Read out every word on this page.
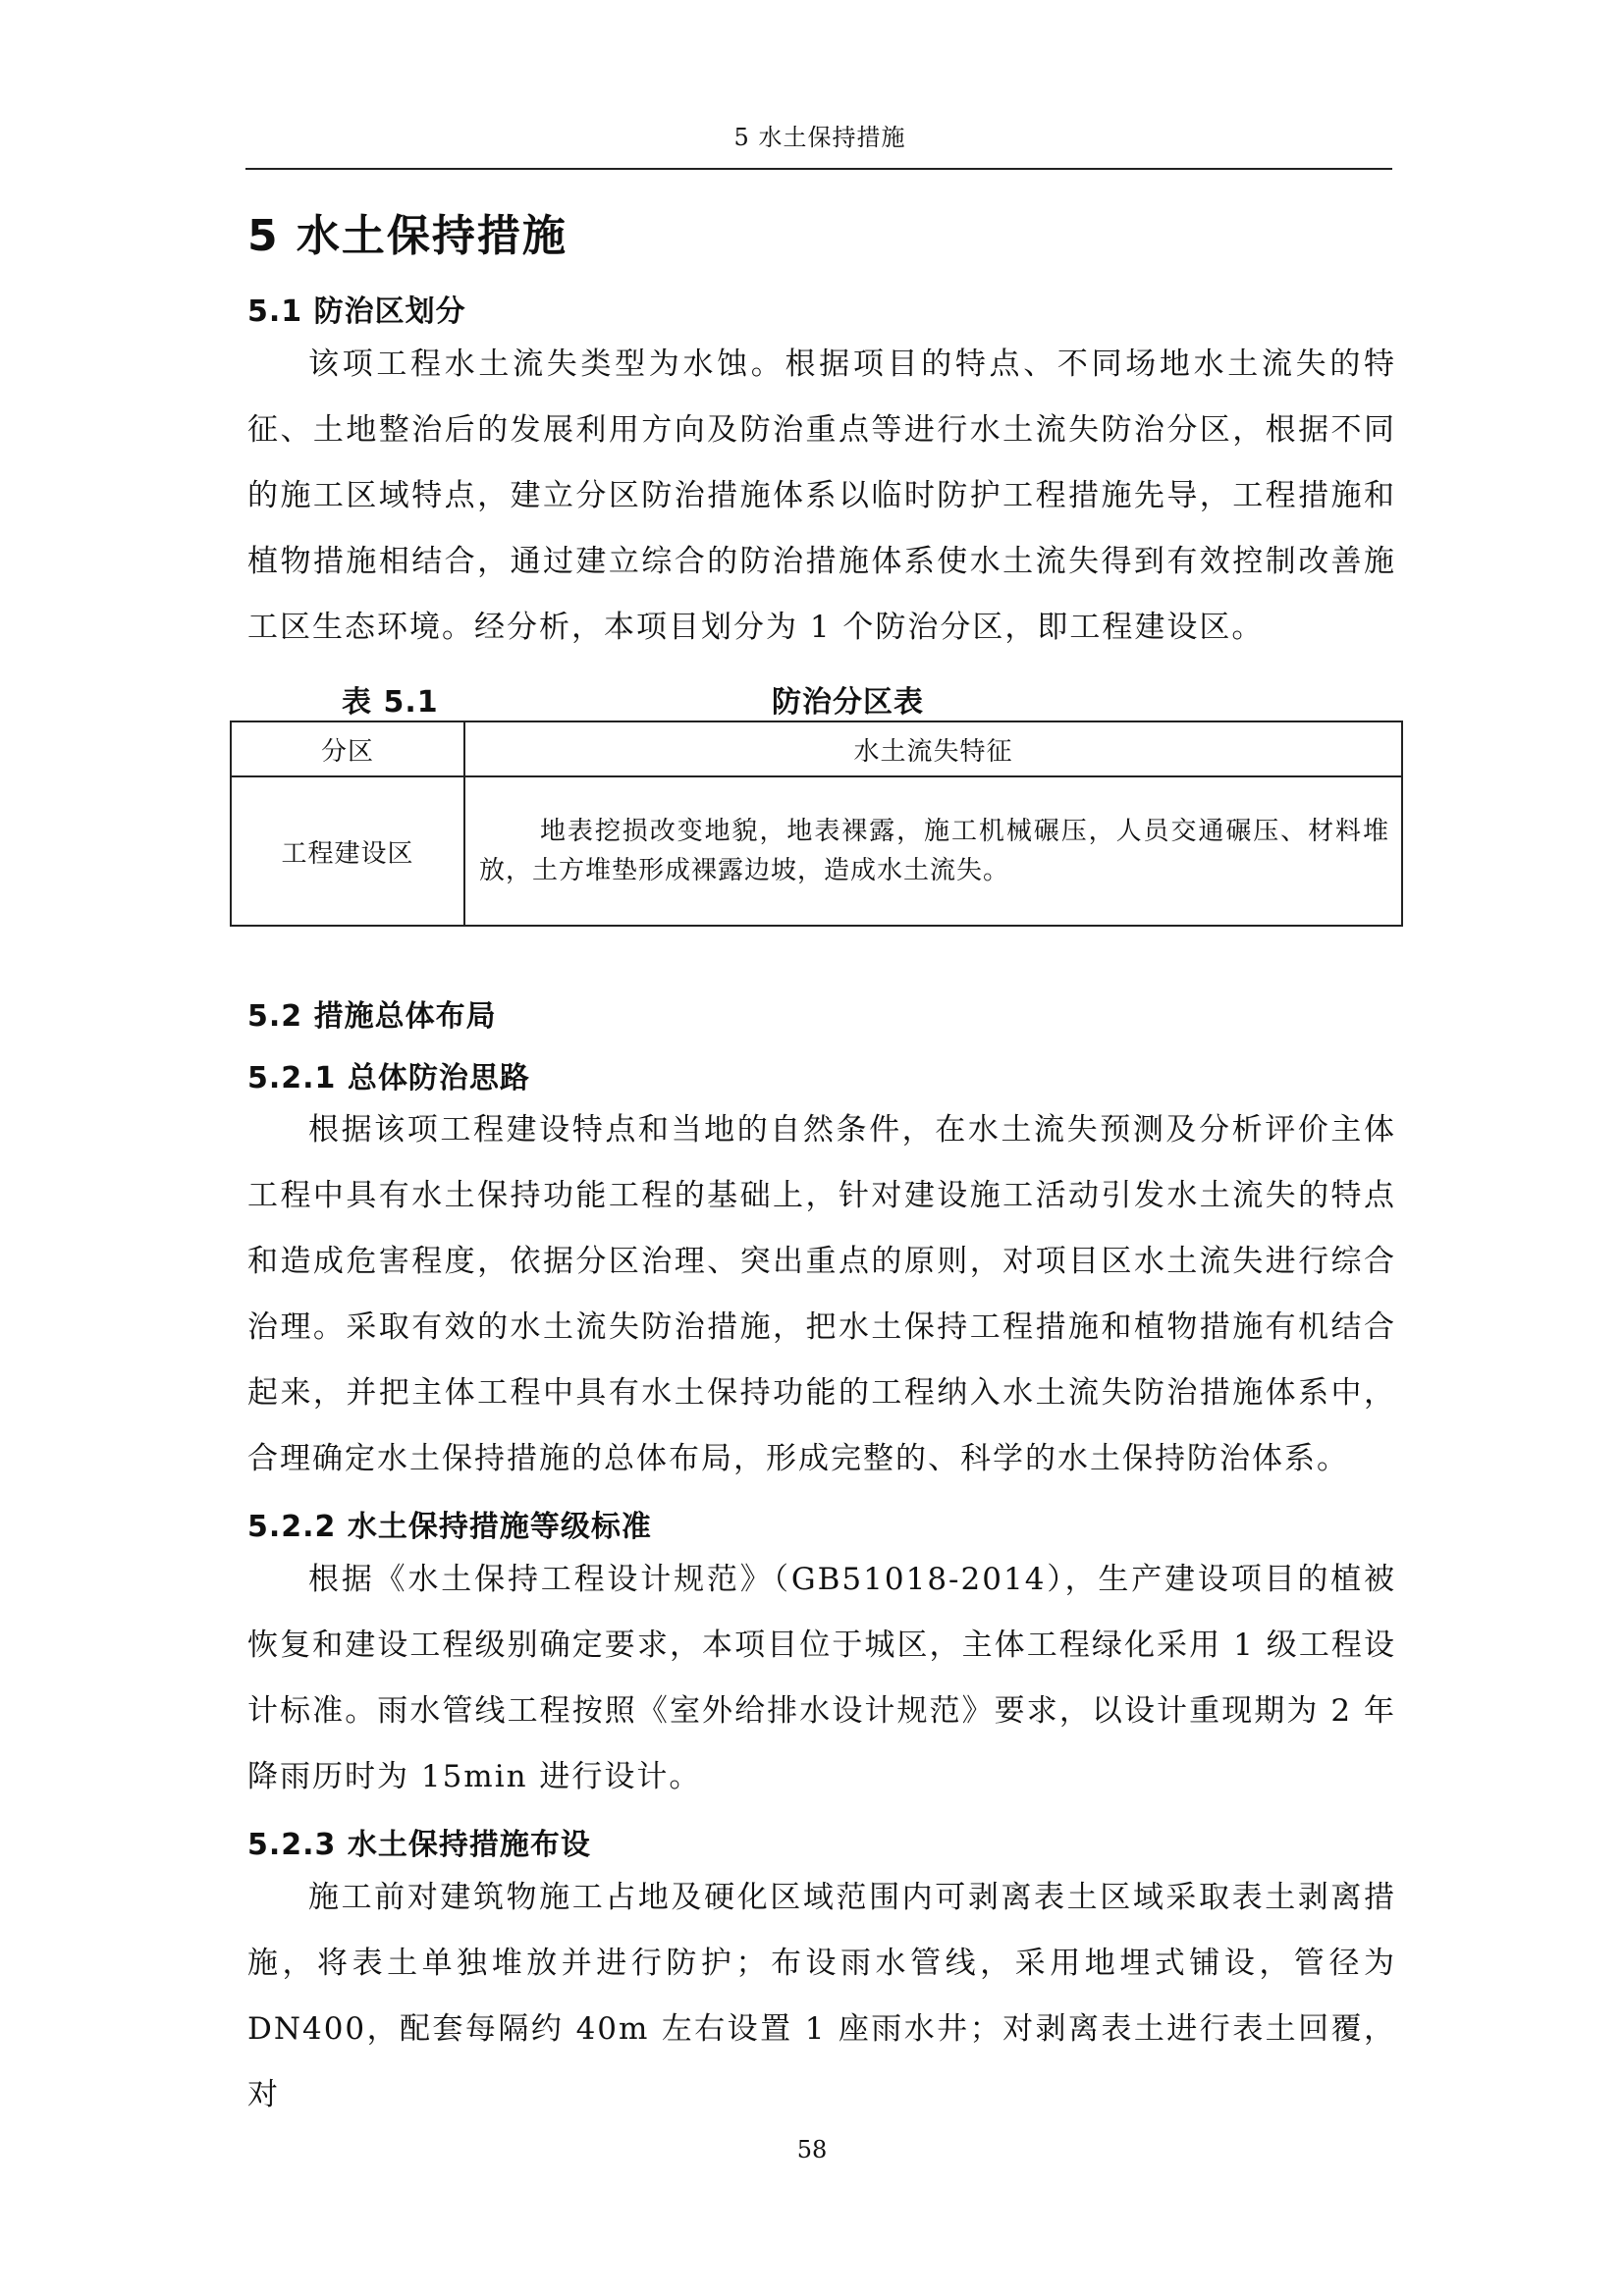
5 水土保持措施
5 水土保持措施
5.1 防治区划分

该项工程水土流失类型为水蚀。根据项目的特点、不同场地水土流失的特征、土地整治后的发展利用方向及防治重点等进行水土流失防治分区，根据不同的施工区域特点，建立分区防治措施体系以临时防护工程措施先导，工程措施和植物措施相结合，通过建立综合的防治措施体系使水土流失得到有效控制改善施工区生态环境。经分析，本项目划分为 1 个防治分区，即工程建设区。

表 5.1	防治分区表
分区	水土流失特征
工程建设区	地表挖损改变地貌，地表裸露，施工机械碾压，人员交通碾压、材料堆放，土方堆垫形成裸露边坡，造成水土流失。
5.2 措施总体布局
5.2.1 总体防治思路

根据该项工程建设特点和当地的自然条件，在水土流失预测及分析评价主体工程中具有水土保持功能工程的基础上，针对建设施工活动引发水土流失的特点和造成危害程度，依据分区治理、突出重点的原则，对项目区水土流失进行综合治理。采取有效的水土流失防治措施，把水土保持工程措施和植物措施有机结合起来，并把主体工程中具有水土保持功能的工程纳入水土流失防治措施体系中，合理确定水土保持措施的总体布局，形成完整的、科学的水土保持防治体系。

5.2.2 水土保持措施等级标准

根据《水土保持工程设计规范》（GB51018-2014），生产建设项目的植被恢复和建设工程级别确定要求，本项目位于城区，主体工程绿化采用 1 级工程设计标准。雨水管线工程按照《室外给排水设计规范》要求，以设计重现期为 2 年降雨历时为 15min 进行设计。

5.2.3 水土保持措施布设

施工前对建筑物施工占地及硬化区域范围内可剥离表土区域采取表土剥离措施，将表土单独堆放并进行防护；布设雨水管线，采用地埋式铺设，管径为 DN400，配套每隔约 40m 左右设置 1 座雨水井；对剥离表土进行表土回覆，对

58
